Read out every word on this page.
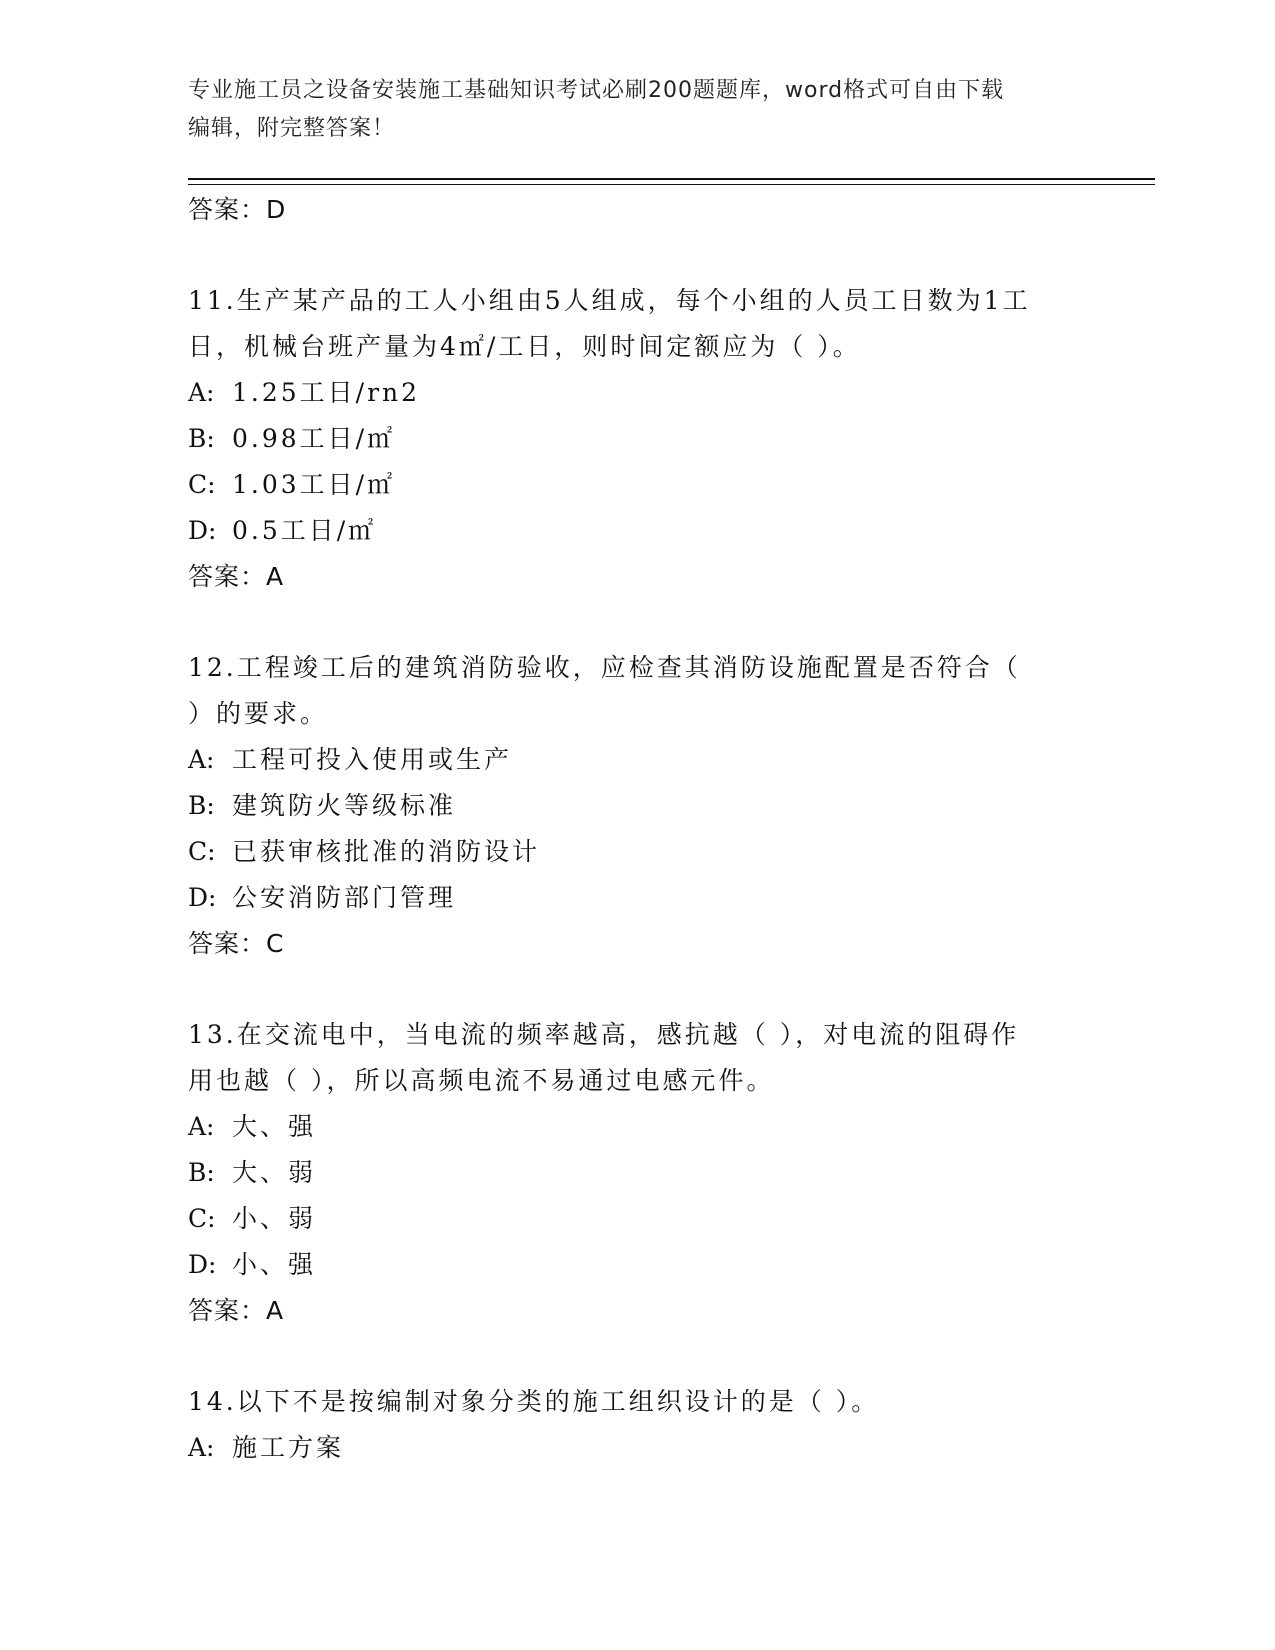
专业施工员之设备安装施工基础知识考试必刷200题题库，word格式可自由下载
编辑，附完整答案！
答案：D
11.生产某产品的工人小组由5人组成，每个小组的人员工日数为1工
日，机械台班产量为4㎡/工日，则时间定额应为（ ）。
A: 1.25工日/rn2
B: 0.98工日/㎡
C: 1.03工日/㎡
D: 0.5工日/㎡
答案：A
12.工程竣工后的建筑消防验收，应检查其消防设施配置是否符合（
）的要求。
A: 工程可投入使用或生产
B: 建筑防火等级标准
C: 已获审核批准的消防设计
D: 公安消防部门管理
答案：C
13.在交流电中，当电流的频率越高，感抗越（ ），对电流的阻碍作
用也越（ ），所以高频电流不易通过电感元件。
A: 大、强
B: 大、弱
C: 小、弱
D: 小、强
答案：A
14.以下不是按编制对象分类的施工组织设计的是（ ）。
A: 施工方案
